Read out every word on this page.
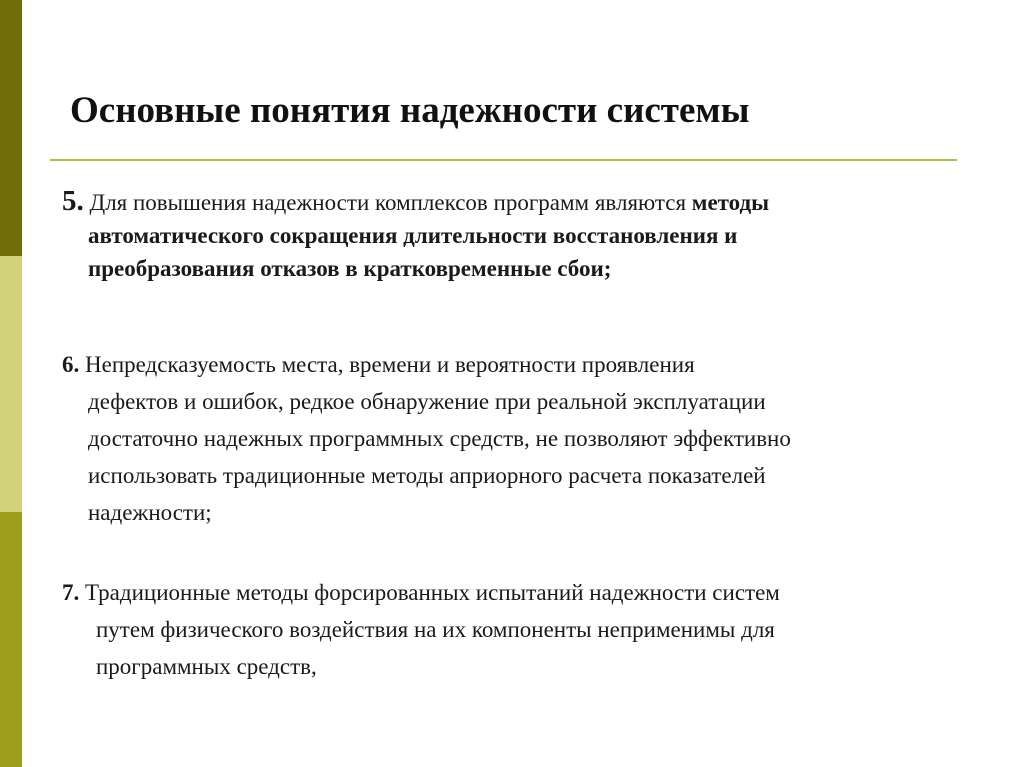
Основные понятия надежности системы

5. Для повышения надежности комплексов программ являются методы

автоматического сокращения длительности восстановления и

преобразования отказов в кратковременные сбои;

6. Непредсказуемость места, времени и вероятности проявления

дефектов и ошибок, редкое обнаружение при реальной эксплуатации

достаточно надежных программных средств, не позволяют эффективно

использовать традиционные методы априорного расчета показателей

надежности;

7. Традиционные методы форсированных испытаний надежности систем

путем физического воздействия на их компоненты неприменимы для

программных средств,
